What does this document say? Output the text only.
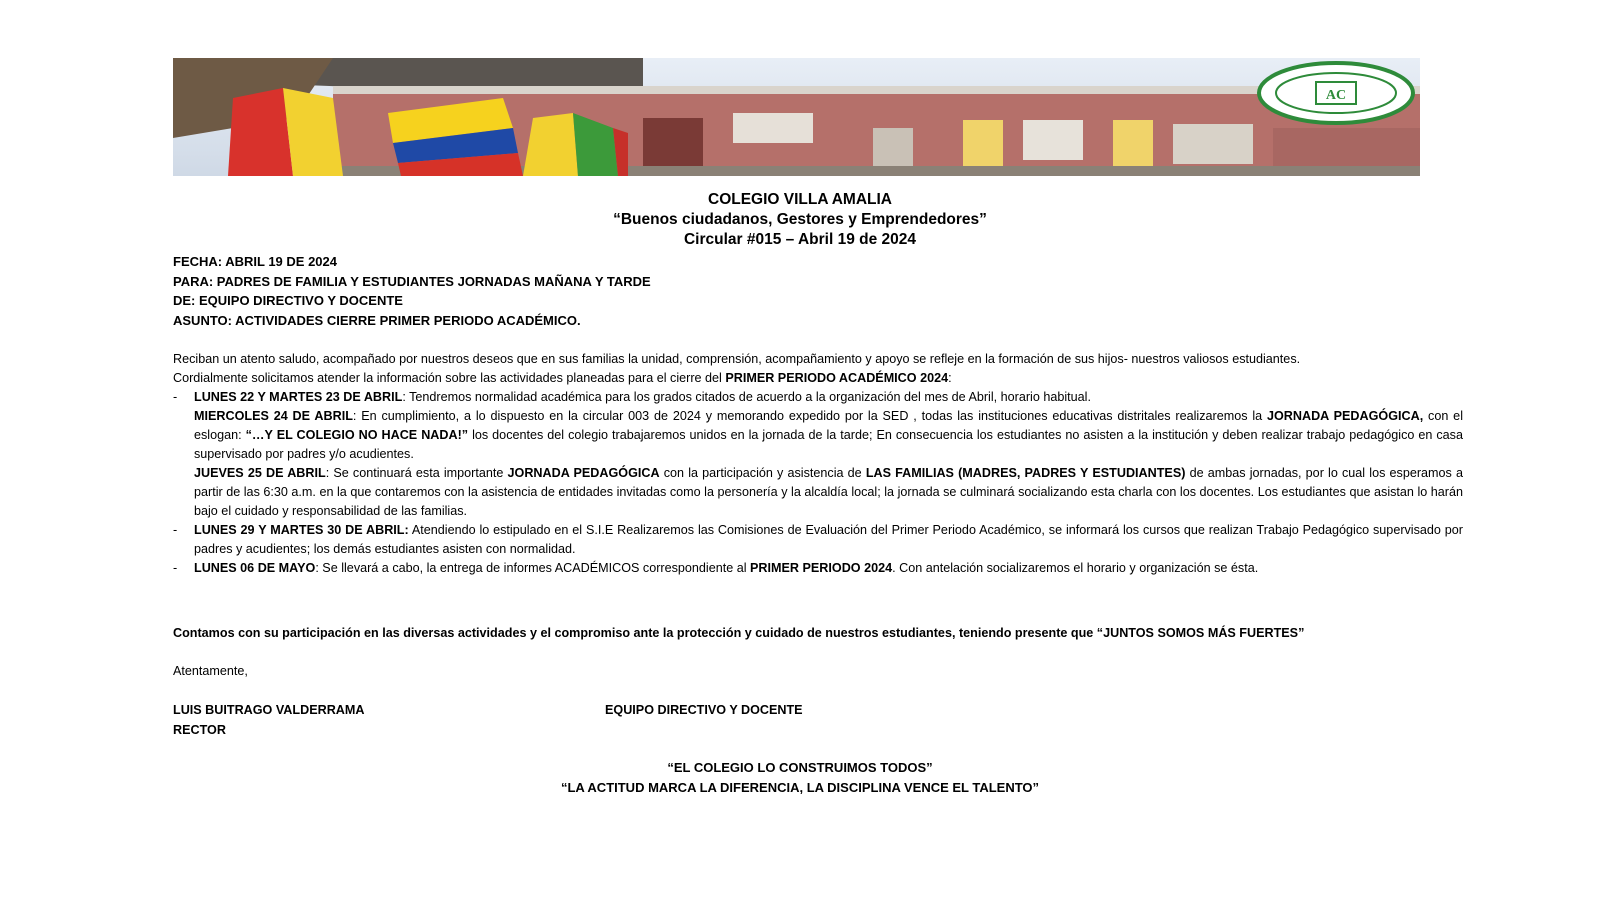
AC
COLEGIO VILLA AMALIA
“Buenos ciudadanos, Gestores y Emprendedores”
Circular #015 – Abril 19 de 2024
FECHA: ABRIL 19 DE 2024
PARA: PADRES DE FAMILIA Y ESTUDIANTES JORNADAS MAÑANA Y TARDE
DE: EQUIPO DIRECTIVO Y DOCENTE
ASUNTO: ACTIVIDADES CIERRE PRIMER PERIODO ACADÉMICO.

Reciban un atento saludo, acompañado por nuestros deseos que en sus familias la unidad, comprensión, acompañamiento y apoyo se refleje en la formación de sus hijos- nuestros valiosos estudiantes.

Cordialmente solicitamos atender la información sobre las actividades planeadas para el cierre del PRIMER PERIODO ACADÉMICO 2024:

- LUNES 22 Y MARTES 23 DE ABRIL: Tendremos normalidad académica para los grados citados de acuerdo a la organización del mes de Abril, horario habitual.
MIERCOLES 24 DE ABRIL: En cumplimiento, a lo dispuesto en la circular 003 de 2024 y memorando expedido por la SED , todas las instituciones educativas distritales realizaremos la JORNADA PEDAGÓGICA, con el eslogan: “…Y EL COLEGIO NO HACE NADA!” los docentes del colegio trabajaremos unidos en la jornada de la tarde; En consecuencia los estudiantes no asisten a la institución y deben realizar trabajo pedagógico en casa supervisado por padres y/o acudientes.
JUEVES 25 DE ABRIL: Se continuará esta importante JORNADA PEDAGÓGICA con la participación y asistencia de LAS FAMILIAS (MADRES, PADRES Y ESTUDIANTES) de ambas jornadas, por lo cual los esperamos a partir de las 6:30 a.m. en la que contaremos con la asistencia de entidades invitadas como la personería y la alcaldía local; la jornada se culminará socializando esta charla con los docentes. Los estudiantes que asistan lo harán bajo el cuidado y responsabilidad de las familias.
- LUNES 29 Y MARTES 30 DE ABRIL: Atendiendo lo estipulado en el S.I.E Realizaremos las Comisiones de Evaluación del Primer Periodo Académico, se informará los cursos que realizan Trabajo Pedagógico supervisado por padres y acudientes; los demás estudiantes asisten con normalidad.
- LUNES 06 DE MAYO: Se llevará a cabo, la entrega de informes ACADÉMICOS correspondiente al PRIMER PERIODO 2024. Con antelación socializaremos el horario y organización se ésta.
Contamos con su participación en las diversas actividades y el compromiso ante la protección y cuidado de nuestros estudiantes, teniendo presente que “JUNTOS SOMOS MÁS FUERTES”
Atentamente,
LUIS BUITRAGO VALDERRAMA
RECTOR
EQUIPO DIRECTIVO Y DOCENTE
“EL COLEGIO LO CONSTRUIMOS TODOS”
“LA ACTITUD MARCA LA DIFERENCIA, LA DISCIPLINA VENCE EL TALENTO”
